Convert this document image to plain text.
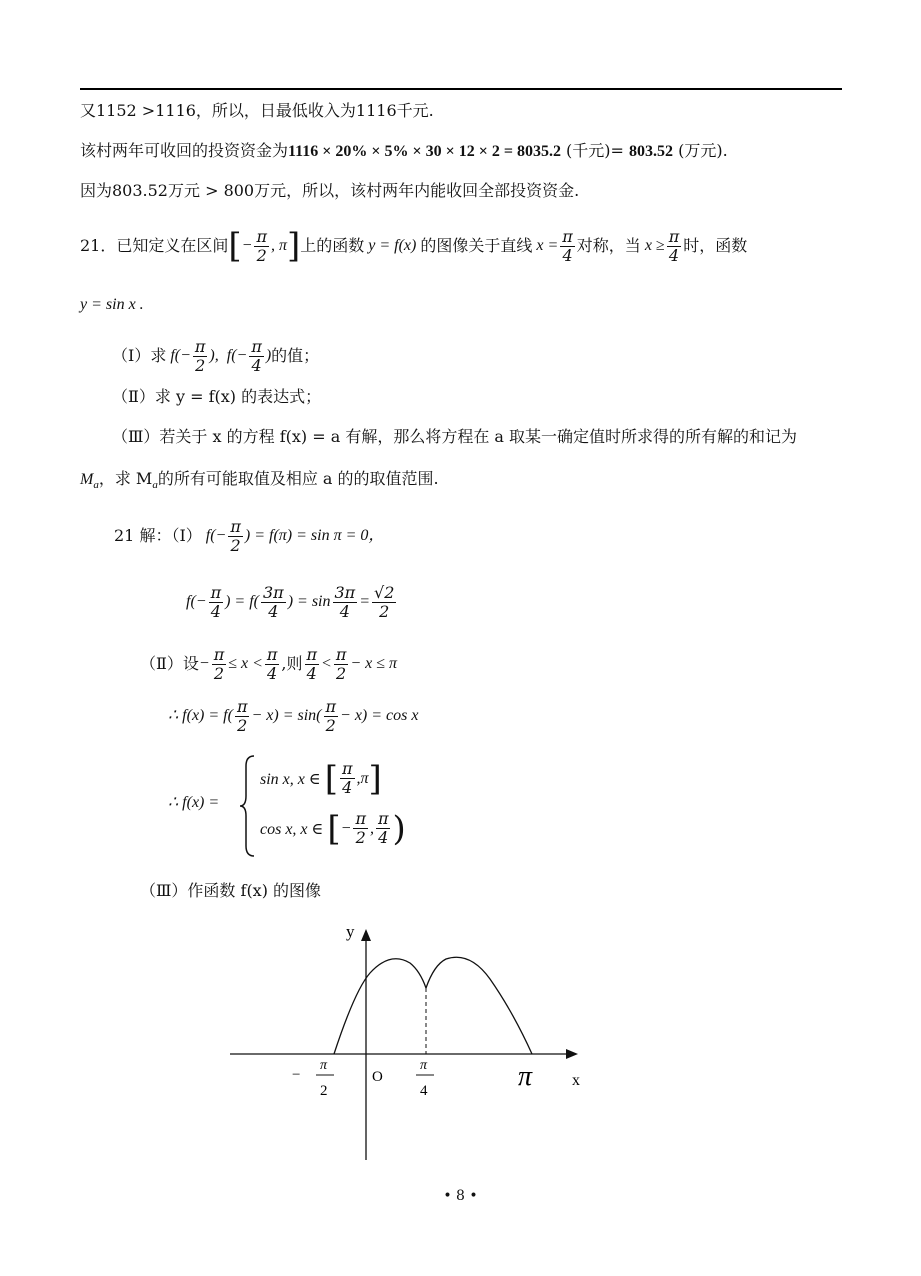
又1152 >1116，所以，日最低收入为1116千元.
该村两年可收回的投资资金为1116 × 20% × 5% × 30 × 12 × 2 = 8035.2 (千元)= 803.52 (万元).
因为803.52万元 > 800万元，所以，该村两年内能收回全部投资资金.
21．已知定义在区间 [ − $\frac{\pi}{2}$ , π ] 上的函数 y = f(x) 的图像关于直线 $x = \frac{\pi}{4}$ 对称，当 $x \ge \frac{\pi}{4}$ 时，函数
y = sin x .
（Ⅰ）求 $f(- \frac{\pi}{2}$ ),  $f(- \frac{\pi}{4}$ ) 的值；
（Ⅱ）求 y = f(x) 的表达式；
（Ⅲ）若关于 x 的方程 f(x) = a 有解，那么将方程在 a 取某一确定值时所求得的所有解的和记为
$M_a$，求 $M_a$的所有可能取值及相应 a 的的取值范围.
21 解：（Ⅰ） $f(- \frac{\pi}{2}$ ) = f(π) = sin π = 0，
$f(- \frac{\pi}{4}$ ) = $f( \frac{3\pi}{4}$ ) = $\sin \frac{3\pi}{4} = \frac{√2}{2}$
（Ⅱ）设 − $\frac{\pi}{2} \le x < \frac{\pi}{4}$ ,则 $\frac{\pi}{4} < \frac{\pi}{2} - x \le \pi$
∴ $f(x) = f( \frac{\pi}{2} - x) = \sin( \frac{\pi}{2} - x) = \cos x$
∴ f(x) =
sin x, x ∈ [ $\frac{\pi}{4} ,\pi$ ]
cos x, x ∈ [ − $\frac{\pi}{2}$ , $\frac{\pi}{4}$ )
（Ⅲ）作函数 f(x) 的图像
y
x
O
−
π
2
π
4	π
• 8 •
